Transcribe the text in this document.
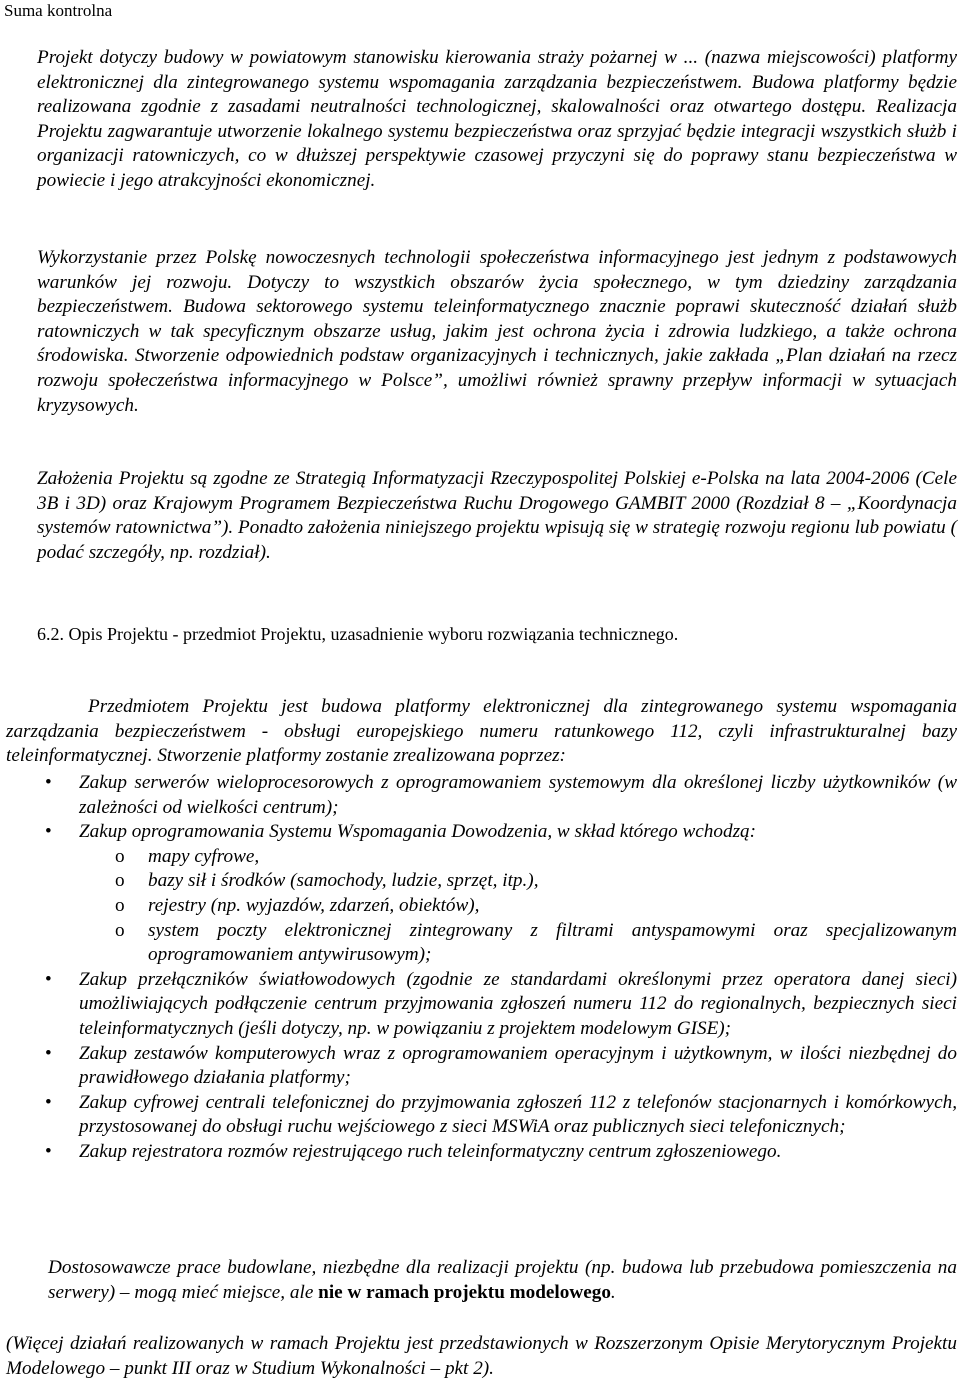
Suma kontrolna

Projekt dotyczy budowy w powiatowym stanowisku kierowania straży pożarnej w ... (nazwa miejscowości) platformy elektronicznej dla zintegrowanego systemu wspomagania zarządzania bezpieczeństwem. Budowa platformy będzie realizowana zgodnie z zasadami neutralności technologicznej, skalowalności oraz otwartego dostępu. Realizacja Projektu zagwarantuje utworzenie lokalnego systemu bezpieczeństwa oraz sprzyjać będzie integracji wszystkich służb i organizacji ratowniczych, co w dłuższej perspektywie czasowej przyczyni się do poprawy stanu bezpieczeństwa w powiecie i jego atrakcyjności ekonomicznej.

Wykorzystanie przez Polskę nowoczesnych technologii społeczeństwa informacyjnego jest jednym z podstawowych warunków jej rozwoju. Dotyczy to wszystkich obszarów życia społecznego, w tym dziedziny zarządzania bezpieczeństwem. Budowa sektorowego systemu teleinformatycznego znacznie poprawi skuteczność działań służb ratowniczych w tak specyficznym obszarze usług, jakim jest ochrona życia i zdrowia ludzkiego, a także ochrona środowiska. Stworzenie odpowiednich podstaw organizacyjnych i technicznych, jakie zakłada „Plan działań na rzecz rozwoju społeczeństwa informacyjnego w Polsce”, umożliwi również sprawny przepływ informacji w sytuacjach kryzysowych.

Założenia Projektu są zgodne ze Strategią Informatyzacji Rzeczypospolitej Polskiej e-Polska na lata 2004-2006 (Cele 3B i 3D) oraz Krajowym Programem Bezpieczeństwa Ruchu Drogowego GAMBIT 2000 (Rozdział 8 – „Koordynacja systemów ratownictwa”). Ponadto założenia niniejszego projektu wpisują się w strategię rozwoju regionu lub powiatu ( podać szczegóły, np. rozdział).

6.2. Opis Projektu - przedmiot Projektu, uzasadnienie wyboru rozwiązania technicznego.

Przedmiotem Projektu jest budowa platformy elektronicznej dla zintegrowanego systemu wspomagania zarządzania bezpieczeństwem - obsługi europejskiego numeru ratunkowego 112, czyli infrastrukturalnej bazy teleinformatycznej. Stworzenie platformy zostanie zrealizowana poprzez:

• Zakup serwerów wieloprocesorowych z oprogramowaniem systemowym dla określonej liczby użytkowników (w zależności od wielkości centrum);
• Zakup oprogramowania Systemu Wspomagania Dowodzenia, w skład którego wchodzą:
o mapy cyfrowe,
o bazy sił i środków (samochody, ludzie, sprzęt, itp.),
o rejestry (np. wyjazdów, zdarzeń, obiektów),
o system poczty elektronicznej zintegrowany z filtrami antyspamowymi oraz specjalizowanym oprogramowaniem antywirusowym);
• Zakup przełączników światłowodowych (zgodnie ze standardami określonymi przez operatora danej sieci) umożliwiających podłączenie centrum przyjmowania zgłoszeń numeru 112 do regionalnych, bezpiecznych sieci teleinformatycznych (jeśli dotyczy, np. w powiązaniu z projektem modelowym GISE);
• Zakup zestawów komputerowych wraz z oprogramowaniem operacyjnym i użytkownym, w ilości niezbędnej do prawidłowego działania platformy;
• Zakup cyfrowej centrali telefonicznej do przyjmowania zgłoszeń 112 z telefonów stacjonarnych i komórkowych, przystosowanej do obsługi ruchu wejściowego z sieci MSWiA oraz publicznych sieci telefonicznych;
• Zakup rejestratora rozmów rejestrującego ruch teleinformatyczny centrum zgłoszeniowego.

Dostosowawcze prace budowlane, niezbędne dla realizacji projektu (np. budowa lub przebudowa pomieszczenia na serwery) – mogą mieć miejsce, ale nie w ramach projektu modelowego.

(Więcej działań realizowanych w ramach Projektu jest przedstawionych w Rozszerzonym Opisie Merytorycznym Projektu Modelowego – punkt III oraz w Studium Wykonalności – pkt 2).
